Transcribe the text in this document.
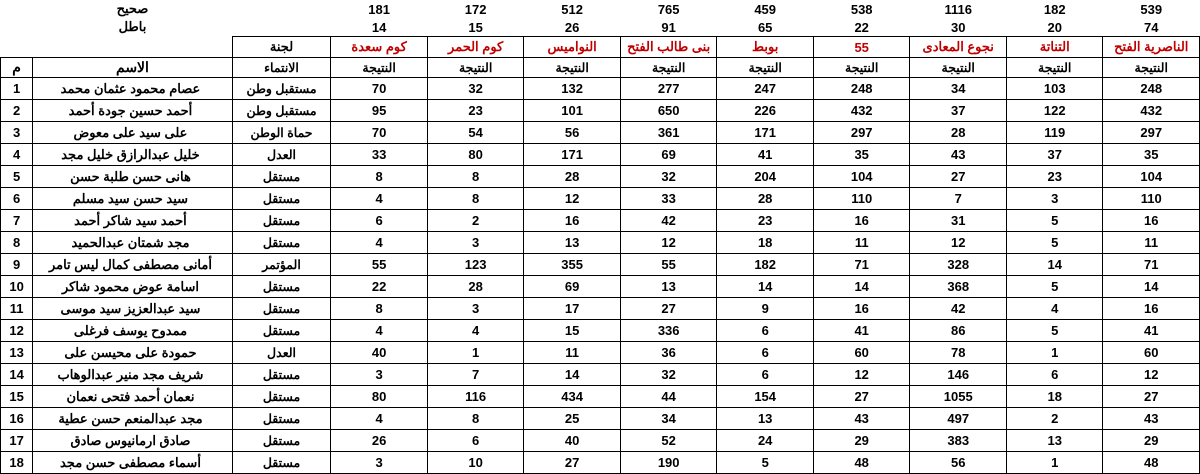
539	182	1116	538	459	765	512	172	181		صحيح	
74	20	30	22	65	91	26	15	14		باطل	
الناصرية الفتح	التناتة	نجوع المعادى	55	بوبط	بنى طالب الفتح	النواميس	كوم الحمر	كوم سعدة	لجنة		
النتيجة	النتيجة	النتيجة	النتيجة	النتيجة	النتيجة	النتيجة	النتيجة	النتيجة	الانتماء	الاسم	م
248	103	34	248	247	277	132	32	70	مستقبل وطن	عصام محمود عثمان محمد	1
432	122	37	432	226	650	101	23	95	مستقبل وطن	أحمد حسين جودة أحمد	2
297	119	28	297	171	361	56	54	70	حماة الوطن	على سيد على معوض	3
35	37	43	35	41	69	171	80	33	العدل	خليل عبدالرازق خليل مجد	4
104	23	27	104	204	32	28	8	8	مستقل	هانى حسن طلبة حسن	5
110	3	7	110	28	33	12	8	4	مستقل	سيد حسن سيد مسلم	6
16	5	31	16	23	42	16	2	6	مستقل	أحمد سيد شاكر أحمد	7
11	5	12	11	18	12	13	3	4	مستقل	مجد شمتان عبدالحميد	8
71	14	328	71	182	55	355	123	55	المؤتمر	أمانى مصطفى كمال ليس تامر	9
14	5	368	14	14	13	69	28	22	مستقل	اسامة عوض محمود شاكر	10
16	4	42	16	9	27	17	3	8	مستقل	سيد عبدالعزيز سيد موسى	11
41	5	86	41	6	336	15	4	4	مستقل	ممدوح يوسف فرغلى	12
60	1	78	60	6	36	11	1	40	العدل	حمودة على محيسن على	13
12	6	146	12	6	32	14	7	3	مستقل	شريف مجد منير عبدالوهاب	14
27	18	1055	27	154	44	434	116	80	مستقل	نعمان أحمد فتحى نعمان	15
43	2	497	43	13	34	25	8	4	مستقل	مجد عبدالمنعم حسن عطية	16
29	13	383	29	24	52	40	6	26	مستقل	صادق ارمانيوس صادق	17
48	1	56	48	5	190	27	10	3	مستقل	أسماء مصطفى حسن مجد	18
